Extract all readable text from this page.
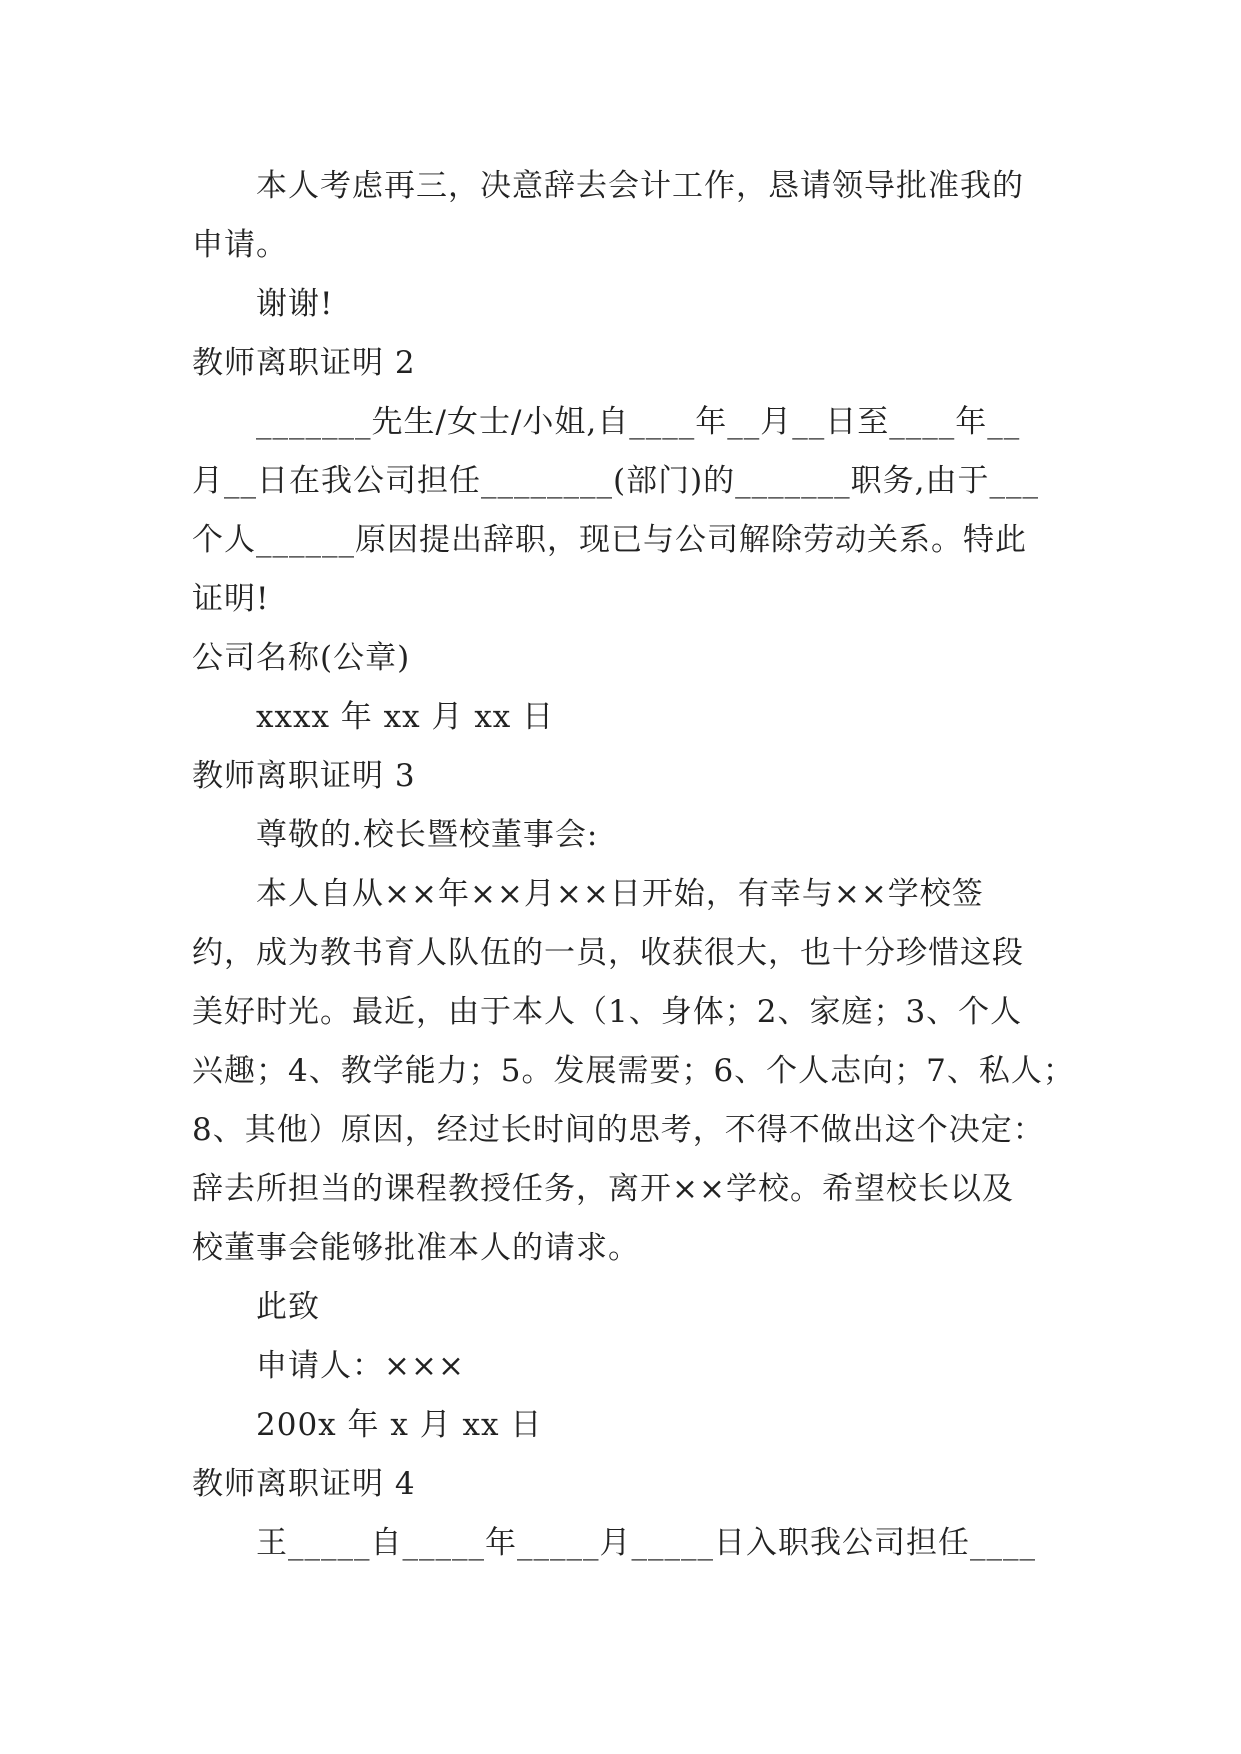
本人考虑再三，决意辞去会计工作，恳请领导批准我的
申请。
谢谢!
教师离职证明 2
_______先生/女士/小姐,自____年__月__日至____年__
月__日在我公司担任________(部门)的_______职务,由于___
个人______原因提出辞职，现已与公司解除劳动关系。特此
证明!
公司名称(公章)
xxxx 年 xx 月 xx 日
教师离职证明 3
尊敬的.校长暨校董事会:
本人自从××年××月××日开始，有幸与××学校签
约，成为教书育人队伍的一员，收获很大，也十分珍惜这段
美好时光。最近，由于本人（1、身体；2、家庭；3、个人
兴趣；4、教学能力；5。发展需要；6、个人志向；7、私人；
8、其他）原因，经过长时间的思考，不得不做出这个决定：
辞去所担当的课程教授任务，离开××学校。希望校长以及
校董事会能够批准本人的请求。
此致
申请人：×××
200x 年 x 月 xx 日
教师离职证明 4
王_____自_____年_____月_____日入职我公司担任____
